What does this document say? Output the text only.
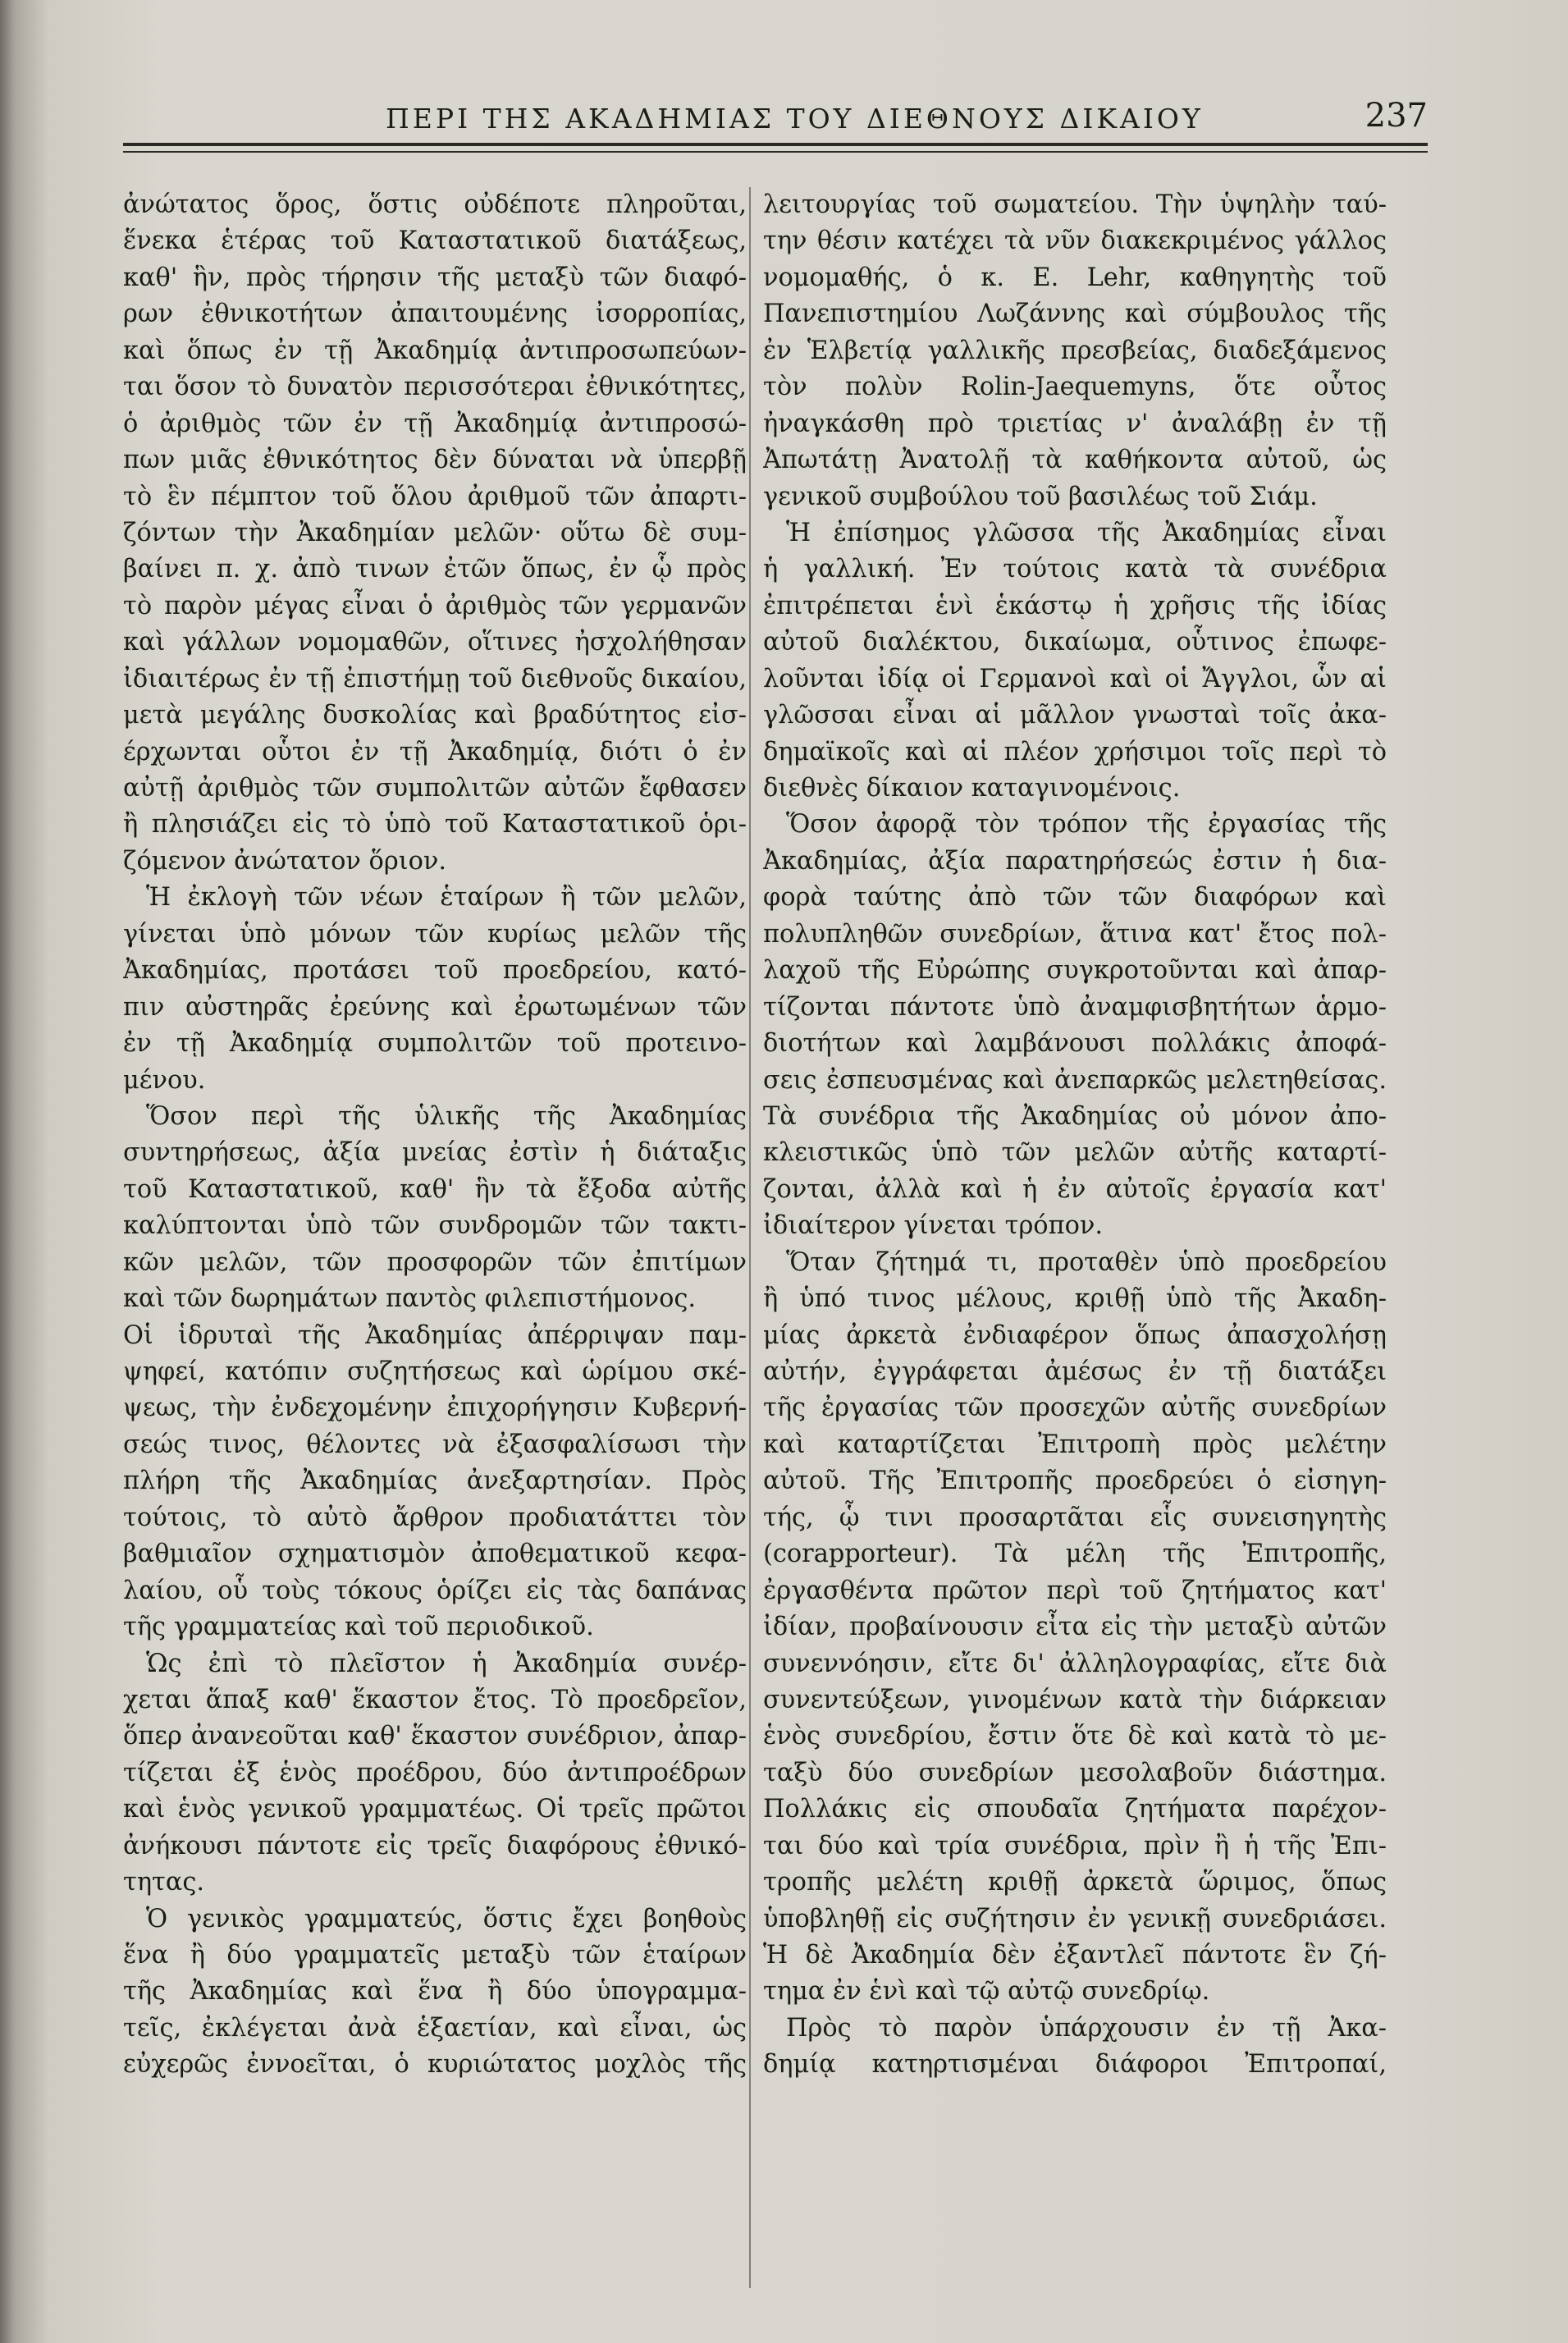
ΠΕΡΙ ΤΗΣ ΑΚΑΔΗΜΙΑΣ ΤΟΥ ΔΙΕΘΝΟΥΣ ΔΙΚΑΙΟΥ	237
ἀνώτατος ὅρος, ὅστις οὐδέποτε πληροῦται,
ἕνεκα ἑτέρας τοῦ Καταστατικοῦ διατάξεως,
καθ' ἣν, πρὸς τήρησιν τῆς μεταξὺ τῶν διαφό-
ρων ἐθνικοτήτων ἀπαιτουμένης ἰσορροπίας,
καὶ ὅπως ἐν τῇ Ἀκαδημίᾳ ἀντιπροσωπεύων-
ται ὅσον τὸ δυνατὸν περισσότεραι ἐθνικότητες,
ὁ ἀριθμὸς τῶν ἐν τῇ Ἀκαδημίᾳ ἀντιπροσώ-
πων μιᾶς ἐθνικότητος δὲν δύναται νὰ ὑπερβῇ
τὸ ἓν πέμπτον τοῦ ὅλου ἀριθμοῦ τῶν ἀπαρτι-
ζόντων τὴν Ἀκαδημίαν μελῶν· οὕτω δὲ συμ-
βαίνει π. χ. ἀπὸ τινων ἐτῶν ὅπως, ἐν ᾧ πρὸς
τὸ παρὸν μέγας εἶναι ὁ ἀριθμὸς τῶν γερμανῶν
καὶ γάλλων νομομαθῶν, οἵτινες ἠσχολήθησαν
ἰδιαιτέρως ἐν τῇ ἐπιστήμῃ τοῦ διεθνοῦς δικαίου,
μετὰ μεγάλης δυσκολίας καὶ βραδύτητος εἰσ-
έρχωνται οὗτοι ἐν τῇ Ἀκαδημίᾳ, διότι ὁ ἐν
αὐτῇ ἀριθμὸς τῶν συμπολιτῶν αὐτῶν ἔφθασεν
ἢ πλησιάζει εἰς τὸ ὑπὸ τοῦ Καταστατικοῦ ὁρι-
ζόμενον ἀνώτατον ὅριον.
Ἡ ἐκλογὴ τῶν νέων ἑταίρων ἢ τῶν μελῶν,
γίνεται ὑπὸ μόνων τῶν κυρίως μελῶν τῆς
Ἀκαδημίας, προτάσει τοῦ προεδρείου, κατό-
πιν αὐστηρᾶς ἐρεύνης καὶ ἐρωτωμένων τῶν
ἐν τῇ Ἀκαδημίᾳ συμπολιτῶν τοῦ προτεινο-
μένου.
Ὅσον περὶ τῆς ὑλικῆς τῆς Ἀκαδημίας
συντηρήσεως, ἀξία μνείας ἐστὶν ἡ διάταξις
τοῦ Καταστατικοῦ, καθ' ἣν τὰ ἔξοδα αὐτῆς
καλύπτονται ὑπὸ τῶν συνδρομῶν τῶν τακτι-
κῶν μελῶν, τῶν προσφορῶν τῶν ἐπιτίμων
καὶ τῶν δωρημάτων παντὸς φιλεπιστήμονος.
Οἱ ἱδρυταὶ τῆς Ἀκαδημίας ἀπέρριψαν παμ-
ψηφεί, κατόπιν συζητήσεως καὶ ὡρίμου σκέ-
ψεως, τὴν ἐνδεχομένην ἐπιχορήγησιν Κυβερνή-
σεώς τινος, θέλοντες νὰ ἐξασφαλίσωσι τὴν
πλήρη τῆς Ἀκαδημίας ἀνεξαρτησίαν. Πρὸς
τούτοις, τὸ αὐτὸ ἄρθρον προδιατάττει τὸν
βαθμιαῖον σχηματισμὸν ἀποθεματικοῦ κεφα-
λαίου, οὗ τοὺς τόκους ὁρίζει εἰς τὰς δαπάνας
τῆς γραμματείας καὶ τοῦ περιοδικοῦ.
Ὡς ἐπὶ τὸ πλεῖστον ἡ Ἀκαδημία συνέρ-
χεται ἅπαξ καθ' ἕκαστον ἔτος. Τὸ προεδρεῖον,
ὅπερ ἀνανεοῦται καθ' ἕκαστον συνέδριον, ἀπαρ-
τίζεται ἐξ ἑνὸς προέδρου, δύο ἀντιπροέδρων
καὶ ἑνὸς γενικοῦ γραμματέως. Οἱ τρεῖς πρῶτοι
ἀνήκουσι πάντοτε εἰς τρεῖς διαφόρους ἐθνικό-
τητας.
Ὁ γενικὸς γραμματεύς, ὅστις ἔχει βοηθοὺς
ἕνα ἢ δύο γραμματεῖς μεταξὺ τῶν ἑταίρων
τῆς Ἀκαδημίας καὶ ἕνα ἢ δύο ὑπογραμμα-
τεῖς, ἐκλέγεται ἀνὰ ἑξαετίαν, καὶ εἶναι, ὡς
εὐχερῶς ἐννοεῖται, ὁ κυριώτατος μοχλὸς τῆς
λειτουργίας τοῦ σωματείου. Τὴν ὑψηλὴν ταύ-
την θέσιν κατέχει τὰ νῦν διακεκριμένος γάλλος
νομομαθής, ὁ κ. E. Lehr, καθηγητὴς τοῦ
Πανεπιστημίου Λωζάννης καὶ σύμβουλος τῆς
ἐν Ἑλβετίᾳ γαλλικῆς πρεσβείας, διαδεξάμενος
τὸν πολὺν Rolin-Jaequemyns, ὅτε οὗτος
ἠναγκάσθη πρὸ τριετίας ν' ἀναλάβῃ ἐν τῇ
Ἀπωτάτῃ Ἀνατολῇ τὰ καθήκοντα αὐτοῦ, ὡς
γενικοῦ συμβούλου τοῦ βασιλέως τοῦ Σιάμ.
Ἡ ἐπίσημος γλῶσσα τῆς Ἀκαδημίας εἶναι
ἡ γαλλική. Ἐν τούτοις κατὰ τὰ συνέδρια
ἐπιτρέπεται ἑνὶ ἑκάστῳ ἡ χρῆσις τῆς ἰδίας
αὐτοῦ διαλέκτου, δικαίωμα, οὗτινος ἐπωφε-
λοῦνται ἰδίᾳ οἱ Γερμανοὶ καὶ οἱ Ἄγγλοι, ὧν αἱ
γλῶσσαι εἶναι αἱ μᾶλλον γνωσταὶ τοῖς ἀκα-
δημαϊκοῖς καὶ αἱ πλέον χρήσιμοι τοῖς περὶ τὸ
διεθνὲς δίκαιον καταγινομένοις.
Ὅσον ἀφορᾷ τὸν τρόπον τῆς ἐργασίας τῆς
Ἀκαδημίας, ἀξία παρατηρήσεώς ἐστιν ἡ δια-
φορὰ ταύτης ἀπὸ τῶν τῶν διαφόρων καὶ
πολυπληθῶν συνεδρίων, ἅτινα κατ' ἔτος πολ-
λαχοῦ τῆς Εὐρώπης συγκροτοῦνται καὶ ἀπαρ-
τίζονται πάντοτε ὑπὸ ἀναμφισβητήτων ἁρμο-
διοτήτων καὶ λαμβάνουσι πολλάκις ἀποφά-
σεις ἐσπευσμένας καὶ ἀνεπαρκῶς μελετηθείσας.
Τὰ συνέδρια τῆς Ἀκαδημίας οὐ μόνον ἀπο-
κλειστικῶς ὑπὸ τῶν μελῶν αὐτῆς καταρτί-
ζονται, ἀλλὰ καὶ ἡ ἐν αὐτοῖς ἐργασία κατ'
ἰδιαίτερον γίνεται τρόπον.
Ὅταν ζήτημά τι, προταθὲν ὑπὸ προεδρείου
ἢ ὑπό τινος μέλους, κριθῇ ὑπὸ τῆς Ἀκαδη-
μίας ἀρκετὰ ἐνδιαφέρον ὅπως ἀπασχολήσῃ
αὐτήν, ἐγγράφεται ἀμέσως ἐν τῇ διατάξει
τῆς ἐργασίας τῶν προσεχῶν αὐτῆς συνεδρίων
καὶ καταρτίζεται Ἐπιτροπὴ πρὸς μελέτην
αὐτοῦ. Τῆς Ἐπιτροπῆς προεδρεύει ὁ εἰσηγη-
τής, ᾧ τινι προσαρτᾶται εἷς συνεισηγητὴς
(corapporteur). Τὰ μέλη τῆς Ἐπιτροπῆς,
ἐργασθέντα πρῶτον περὶ τοῦ ζητήματος κατ'
ἰδίαν, προβαίνουσιν εἶτα εἰς τὴν μεταξὺ αὐτῶν
συνεννόησιν, εἴτε δι' ἀλληλογραφίας, εἴτε διὰ
συνεντεύξεων, γινομένων κατὰ τὴν διάρκειαν
ἑνὸς συνεδρίου, ἔστιν ὅτε δὲ καὶ κατὰ τὸ με-
ταξὺ δύο συνεδρίων μεσολαβοῦν διάστημα.
Πολλάκις εἰς σπουδαῖα ζητήματα παρέχον-
ται δύο καὶ τρία συνέδρια, πρὶν ἢ ἡ τῆς Ἐπι-
τροπῆς μελέτη κριθῇ ἀρκετὰ ὥριμος, ὅπως
ὑποβληθῇ εἰς συζήτησιν ἐν γενικῇ συνεδριάσει.
Ἡ δὲ Ἀκαδημία δὲν ἐξαντλεῖ πάντοτε ἓν ζή-
τημα ἐν ἑνὶ καὶ τῷ αὐτῷ συνεδρίῳ.
Πρὸς τὸ παρὸν ὑπάρχουσιν ἐν τῇ Ἀκα-
δημίᾳ κατηρτισμέναι διάφοροι Ἐπιτροπαί,
